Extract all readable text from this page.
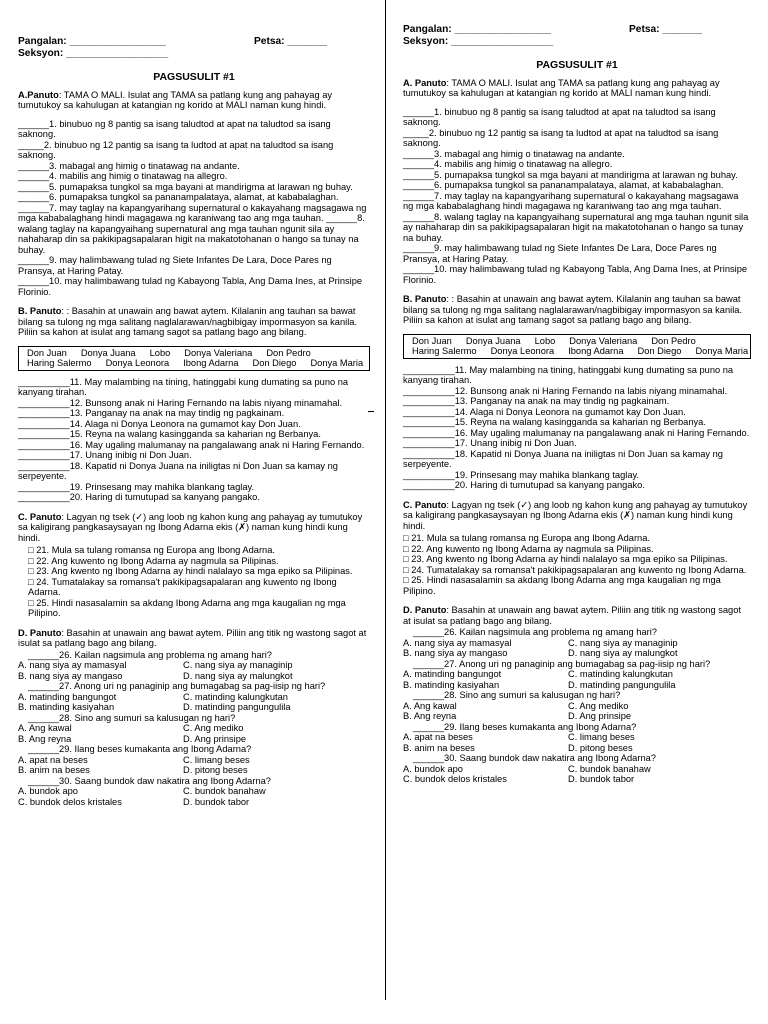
Pangalan: _________________	Petsa: _______
Seksyon: __________________
PAGSUSULIT #1
A.Panuto: TAMA O MALI. Isulat ang TAMA sa patlang kung ang pahayag ay tumutukoy sa kahulugan at katangian ng korido at MALI naman kung hindi.
______1. binubuo ng 8 pantig sa isang taludtod at apat na taludtod sa isang saknong.
_____2. binubuo ng 12 pantig sa isang ta ludtod at apat na taludtod sa isang saknong.
______3. mabagal ang himig o tinatawag na andante.
______4. mabilis ang himig o tinatawag na allegro.
______5. pumapaksa tungkol sa mga bayani at mandirigma at larawan ng buhay.
______6. pumapaksa tungkol sa pananampalataya, alamat, at kababalaghan.
______7. may taglay na kapangyarihang supernatural o kakayahang magsagawa ng mga kababalaghang hindi magagawa ng karaniwang tao ang mga tauhan. ______8. walang taglay na kapangyaihang supernatural ang mga tauhan ngunit sila ay nahaharap din sa pakikipagsapalaran higit na makatotohanan o hango sa tunay na buhay.
______9. may halimbawang tulad ng Siete Infantes De Lara, Doce Pares ng Pransya, at Haring Patay.
______10. may halimbawang tulad ng Kabayong Tabla, Ang Dama Ines, at Prinsipe Florinio.
B. Panuto: : Basahin at unawain ang bawat aytem. Kilalanin ang tauhan sa bawat bilang sa tulong ng mga salitang naglalarawan/nagbibigay impormasyon sa kanila. Piliin sa kahon at isulat ang tamang sagot sa patlang bago ang bilang.
Don Juan Donya Juana Lobo Donya Valeriana Don Pedro
Haring Salermo Donya Leonora Ibong Adarna Don Diego Donya Maria
__________11. May malambing na tining, hatinggabi kung dumating sa puno na kanyang tirahan.
__________12. Bunsong anak ni Haring Fernando na labis niyang minamahal.
__________13. Panganay na anak na may tindig ng pagkainam.
__________14. Alaga ni Donya Leonora na gumamot kay Don Juan.
__________15. Reyna na walang kasingganda sa kaharian ng Berbanya.
__________16. May ugaling malumanay na pangalawang anak ni Haring Fernando.
__________17. Unang inibig ni Don Juan.
__________18. Kapatid ni Donya Juana na iniligtas ni Don Juan sa kamay ng serpeyente.
__________19. Prinsesang may mahika blankang taglay.
__________20. Haring di tumutupad sa kanyang pangako.
C. Panuto: Lagyan ng tsek (✓) ang loob ng kahon kung ang pahayag ay tumutukoy sa kaligirang pangkasaysayan ng Ibong Adarna ekis (✗) naman kung hindi kung hindi.
□ 21. Mula sa tulang romansa ng Europa ang Ibong Adarna.
□ 22. Ang kuwento ng Ibong Adarna ay nagmula sa Pilipinas.
□ 23. Ang kwento ng Ibong Adarna ay hindi nalalayo sa mga epiko sa Pilipinas.
□ 24. Tumatalakay sa romansa't pakikipagsapalaran ang kuwento ng Ibong Adarna.
□ 25. Hindi nasasalamin sa akdang Ibong Adarna ang mga kaugalian ng mga Pilipino.
D. Panuto: Basahin at unawain ang bawat aytem. Piliin ang titik ng wastong sagot at isulat sa patlang bago ang bilang.
______26. Kailan nagsimula ang problema ng amang hari?
A. nang siya ay mamasyal	C. nang siya ay managinip
B. nang siya ay mangaso	D. nang siya ay malungkot
______27. Anong uri ng panaginip ang bumagabag sa pag-iisip ng hari?
A. matinding bangungot	C. matinding kalungkutan
B. matinding kasiyahan	D. matinding pangungulila
______28. Sino ang sumuri sa kalusugan ng hari?
A. Ang kawal	C. Ang mediko
B. Ang reyna	D. Ang prinsipe
______29. Ilang beses kumakanta ang Ibong Adarna?
A. apat na beses	C. limang beses
B. anim na beses	D. pitong beses
______30. Saang bundok daw nakatira ang Ibong Adarna?
A. bundok apo	C. bundok banahaw
C. bundok delos kristales	D. bundok tabor
Pangalan: _________________	Petsa: _______
Seksyon: __________________
PAGSUSULIT #1
A. Panuto: TAMA O MALI. Isulat ang TAMA sa patlang kung ang pahayag ay tumutukoy sa kahulugan at katangian ng korido at MALI naman kung hindi.
______1. binubuo ng 8 pantig sa isang taludtod at apat na taludtod sa isang saknong.
_____2. binubuo ng 12 pantig sa isang ta ludtod at apat na taludtod sa isang saknong.
______3. mabagal ang himig o tinatawag na andante.
______4. mabilis ang himig o tinatawag na allegro.
______5. pumapaksa tungkol sa mga bayani at mandirigma at larawan ng buhay.
______6. pumapaksa tungkol sa pananampalataya, alamat, at kababalaghan.
______7. may taglay na kapangyarihang supernatural o kakayahang magsagawa ng mga kababalaghang hindi magagawa ng karaniwang tao ang mga tauhan.
______8. walang taglay na kapangyaihang supernatural ang mga tauhan ngunit sila ay nahaharap din sa pakikipagsapalaran higit na makatotohanan o hango sa tunay na buhay.
______9. may halimbawang tulad ng Siete Infantes De Lara, Doce Pares ng Pransya, at Haring Patay.
______10. may halimbawang tulad ng Kabayong Tabla, Ang Dama Ines, at Prinsipe Florinio.
B. Panuto: : Basahin at unawain ang bawat aytem. Kilalanin ang tauhan sa bawat bilang sa tulong ng mga salitang naglalarawan/nagbibigay impormasyon sa kanila. Piliin sa kahon at isulat ang tamang sagot sa patlang bago ang bilang.
Don Juan Donya Juana Lobo Donya Valeriana Don Pedro
Haring Salermo Donya Leonora Ibong Adarna Don Diego Donya Maria
__________11. May malambing na tining, hatinggabi kung dumating sa puno na kanyang tirahan.
__________12. Bunsong anak ni Haring Fernando na labis niyang minamahal.
__________13. Panganay na anak na may tindig ng pagkainam.
__________14. Alaga ni Donya Leonora na gumamot kay Don Juan.
__________15. Reyna na walang kasingganda sa kaharian ng Berbanya.
__________16. May ugaling malumanay na pangalawang anak ni Haring Fernando.
__________17. Unang inibig ni Don Juan.
__________18. Kapatid ni Donya Juana na iniligtas ni Don Juan sa kamay ng serpeyente.
__________19. Prinsesang may mahika blankang taglay.
__________20. Haring di tumutupad sa kanyang pangako.
C. Panuto: Lagyan ng tsek (✓) ang loob ng kahon kung ang pahayag ay tumutukoy sa kaligirang pangkasaysayan ng Ibong Adarna ekis (✗) naman kung hindi kung hindi.
□ 21. Mula sa tulang romansa ng Europa ang Ibong Adarna.
□ 22. Ang kuwento ng Ibong Adarna ay nagmula sa Pilipinas.
□ 23. Ang kwento ng Ibong Adarna ay hindi nalalayo sa mga epiko sa Pilipinas.
□ 24. Tumatalakay sa romansa't pakikipagsapalaran ang kuwento ng Ibong Adarna.
□ 25. Hindi nasasalamin sa akdang Ibong Adarna ang mga kaugalian ng mga Pilipino.
D. Panuto: Basahin at unawain ang bawat aytem. Piliin ang titik ng wastong sagot at isulat sa patlang bago ang bilang.
______26. Kailan nagsimula ang problema ng amang hari?
A. nang siya ay mamasyal	C. nang siya ay managinip
B. nang siya ay mangaso	D. nang siya ay malungkot
______27. Anong uri ng panaginip ang bumagabag sa pag-iisip ng hari?
A. matinding bangungot	C. matinding kalungkutan
B. matinding kasiyahan	D. matinding pangungulila
______28. Sino ang sumuri sa kalusugan ng hari?
A. Ang kawal	C. Ang mediko
B. Ang reyna	D. Ang prinsipe
______29. Ilang beses kumakanta ang Ibong Adarna?
A. apat na beses	C. limang beses
B. anim na beses	D. pitong beses
______30. Saang bundok daw nakatira ang Ibong Adarna?
A. bundok apo	C. bundok banahaw
C. bundok delos kristales	D. bundok tabor
